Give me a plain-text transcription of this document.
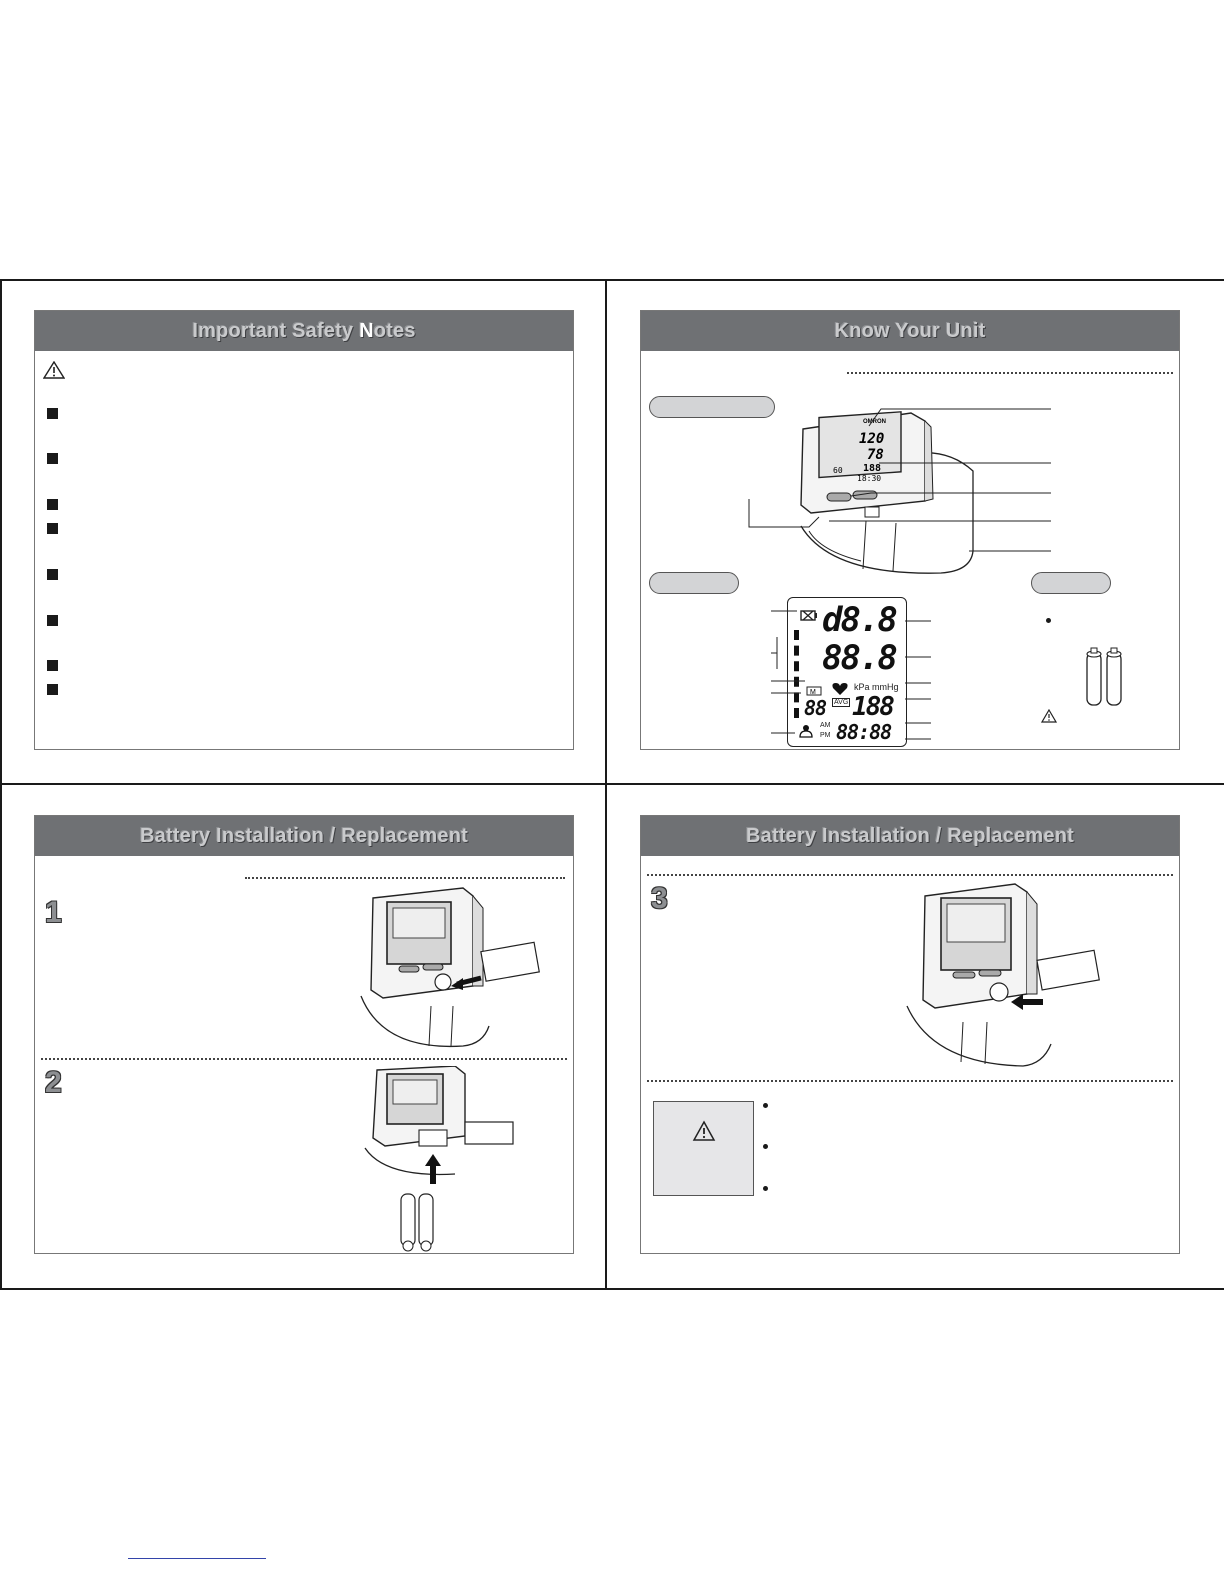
Important Safety Notes	Know Your Unit
OMRON
120
78
188
60
18:30
d8.8
88.8
M
kPa mmHg
88 AVG 188
AM
PM 88:88
Battery Installation / Replacement
1
2
Battery Installation / Replacement
3
